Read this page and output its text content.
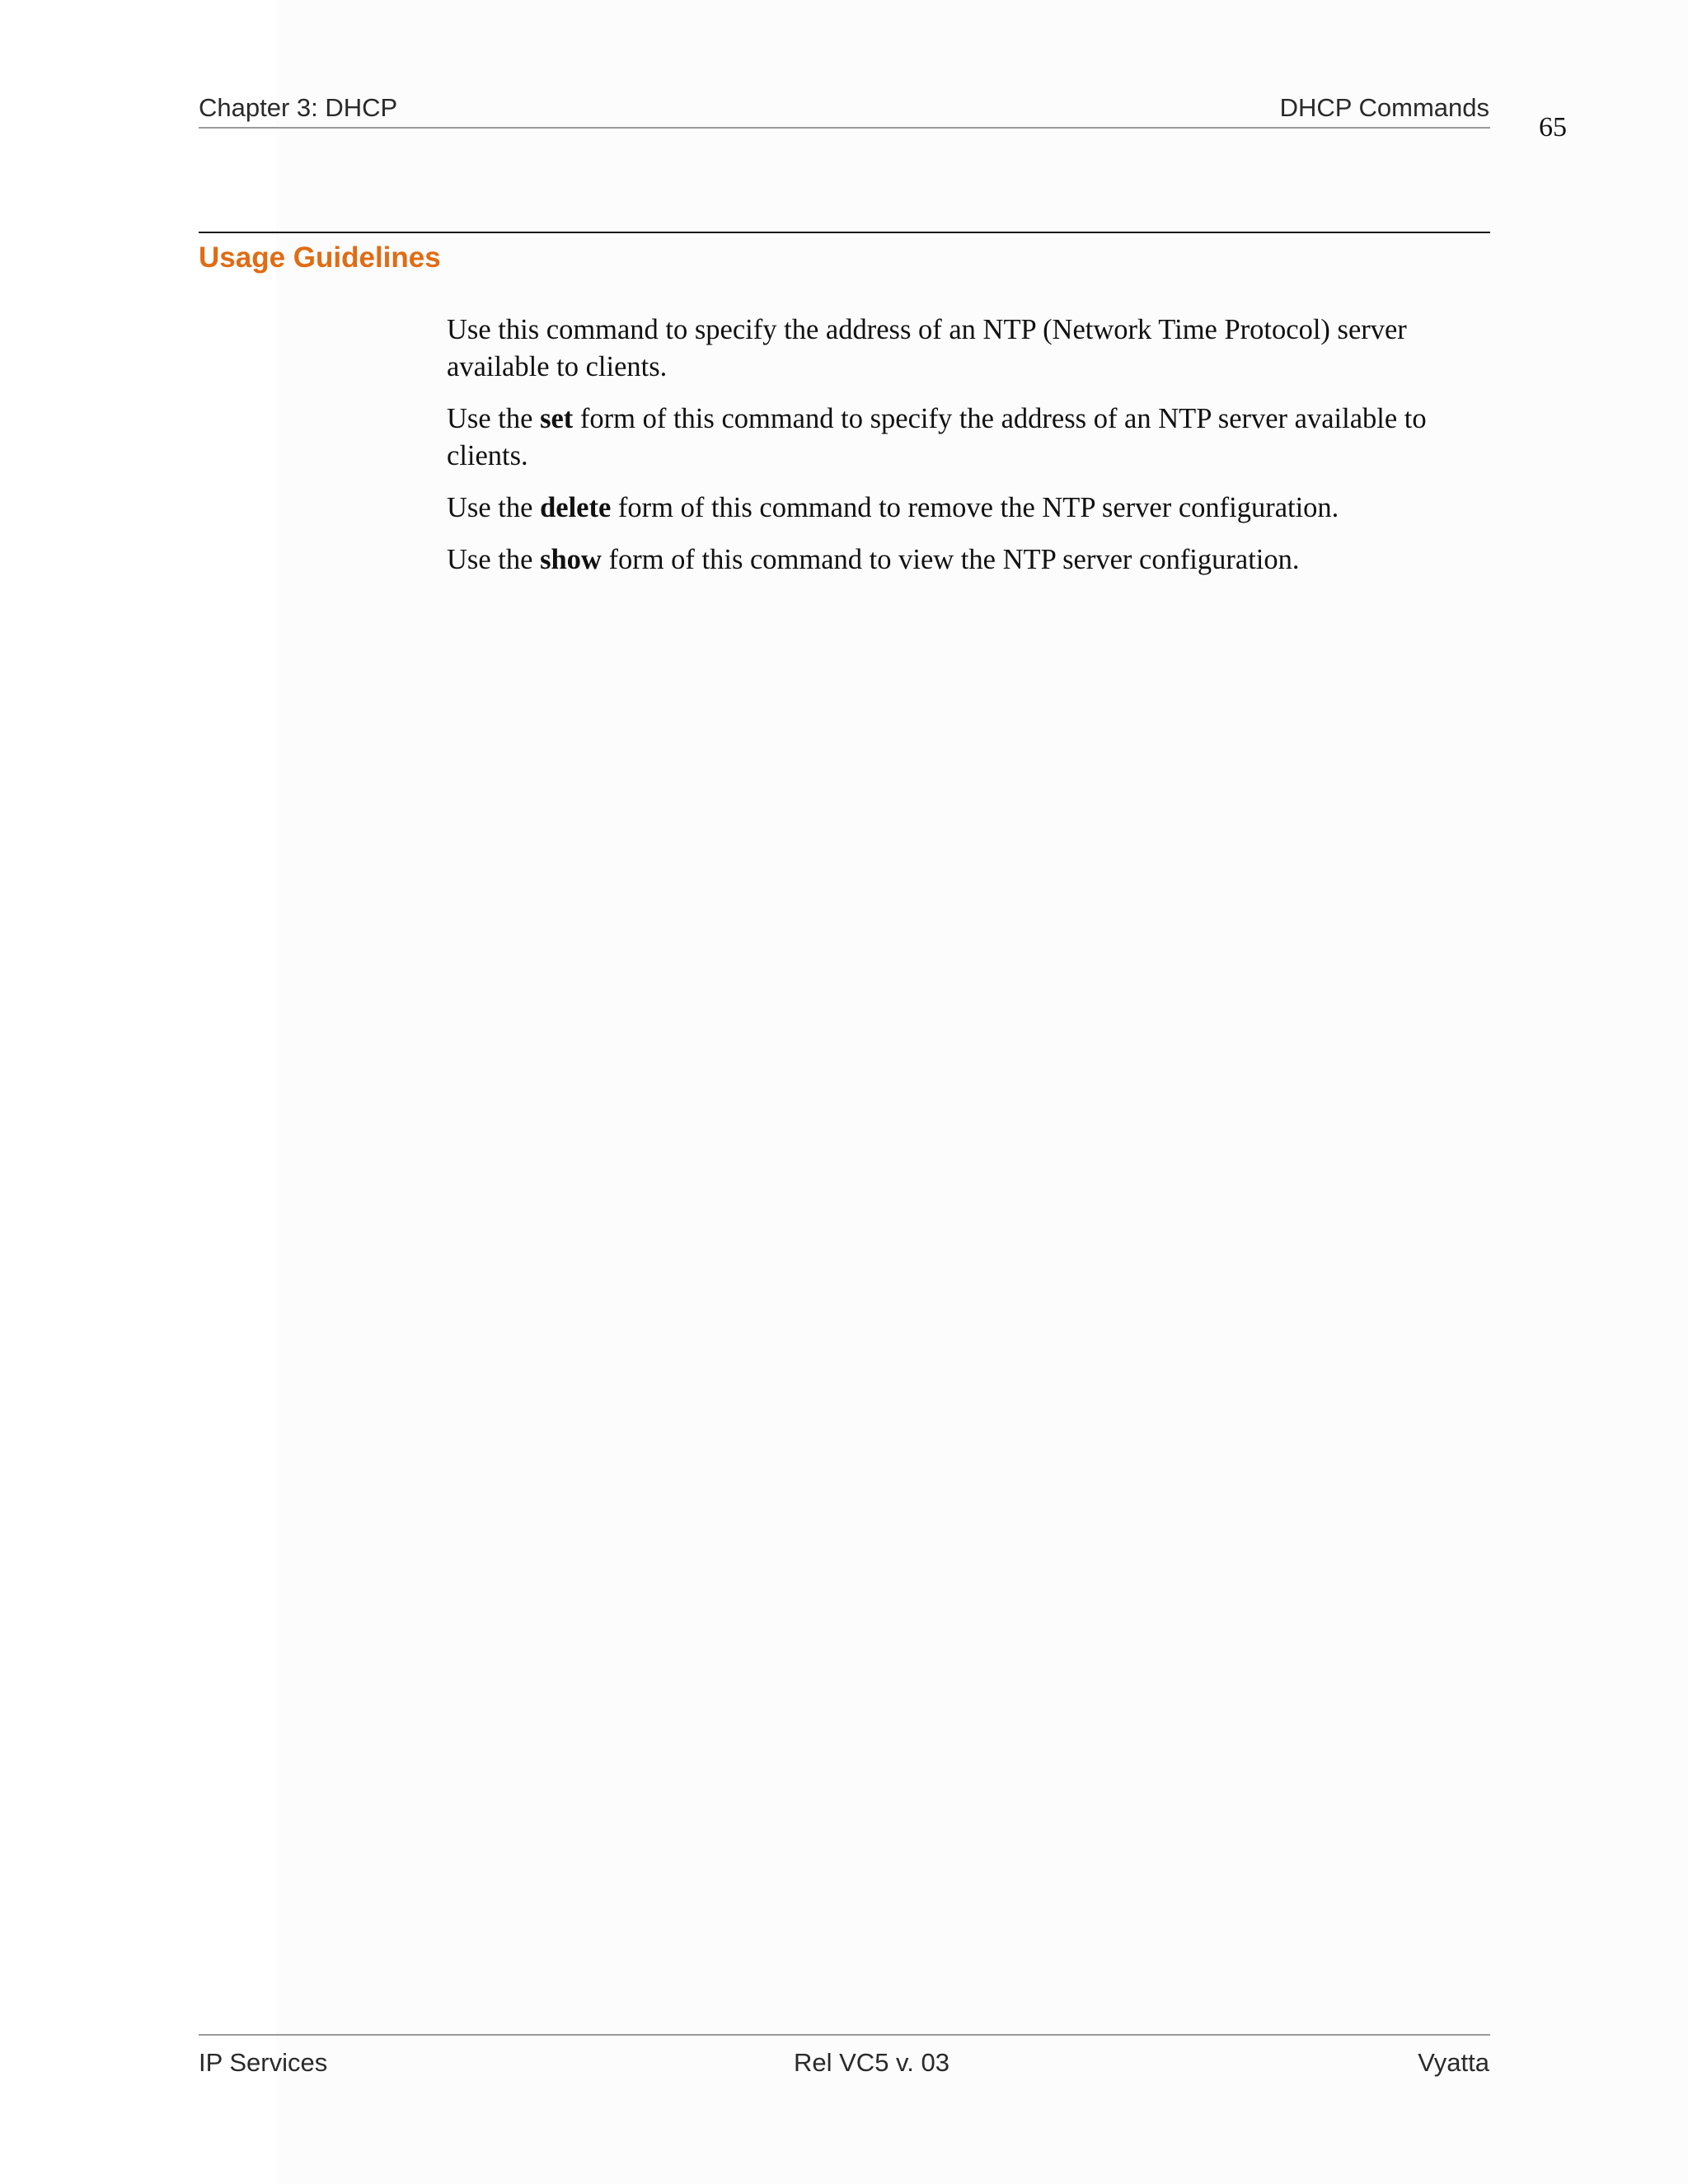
Chapter 3: DHCP	DHCP Commands
65
Usage Guidelines

Use this command to specify the address of an NTP (Network Time Protocol) server available to clients.

Use the set form of this command to specify the address of an NTP server available to clients.

Use the delete form of this command to remove the NTP server configuration.

Use the show form of this command to view the NTP server configuration.

IP Services	Rel VC5 v. 03	Vyatta
